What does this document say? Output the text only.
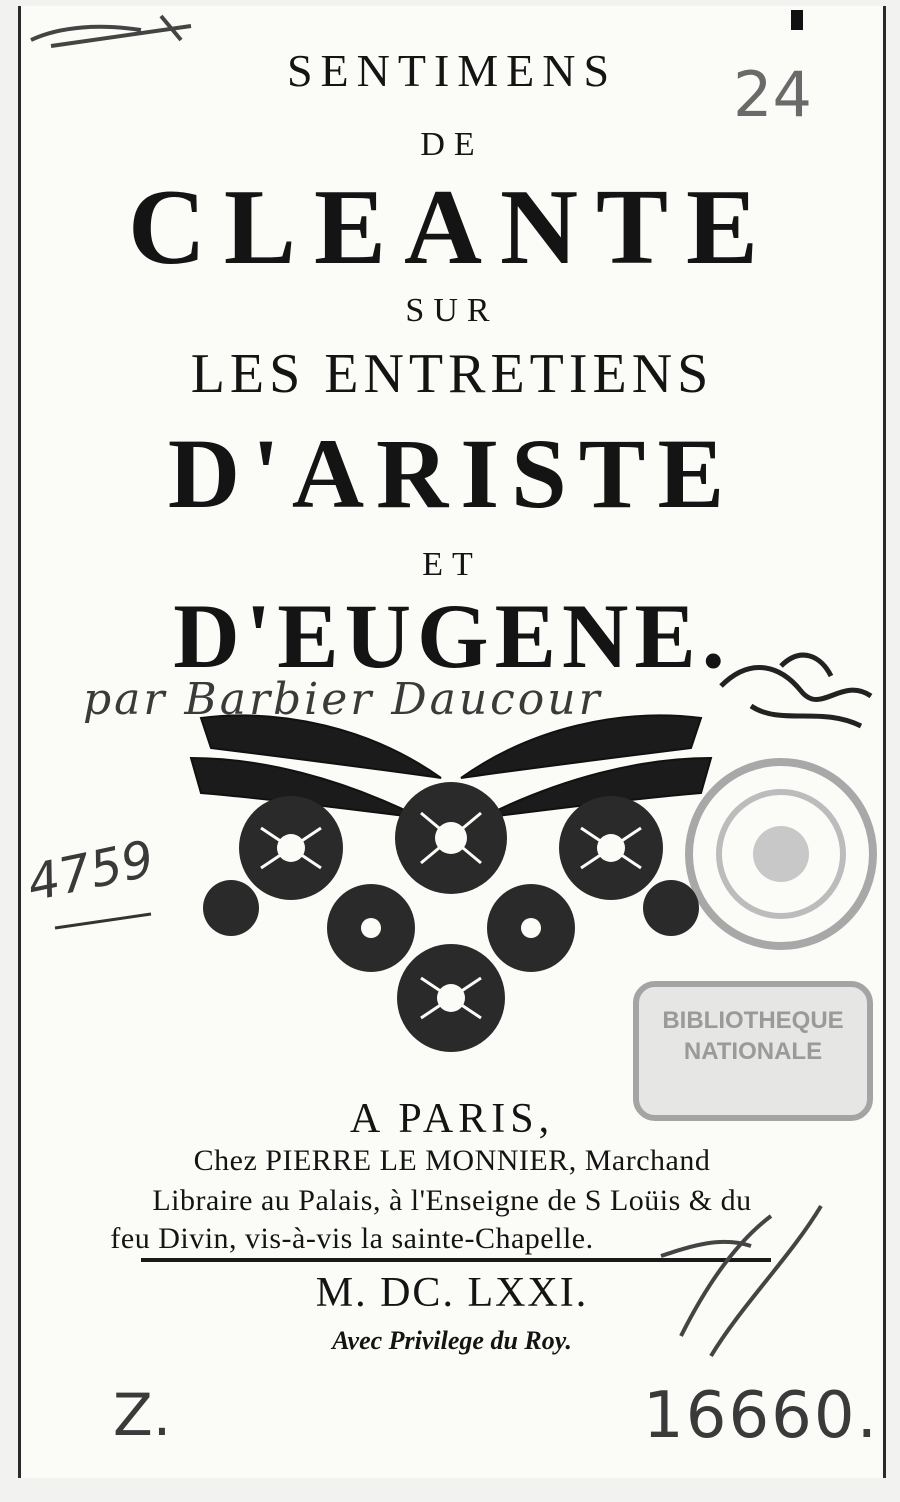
SENTIMENS	24
DE
CLEANTE
SUR
LES ENTRETIENS
D'ARISTE
ET
D'EUGENE.
par Barbier Daucour
4759
BIBLIOTHEQUE NATIONALE
A PARIS,
Chez PIERRE LE MONNIER, Marchand
Libraire au Palais, à l'Enseigne de S Loüis & du
feu Divin, vis-à-vis la sainte-Chapelle.
M. DC. LXXI.
Avec Privilege du Roy.
Z.	16660.
